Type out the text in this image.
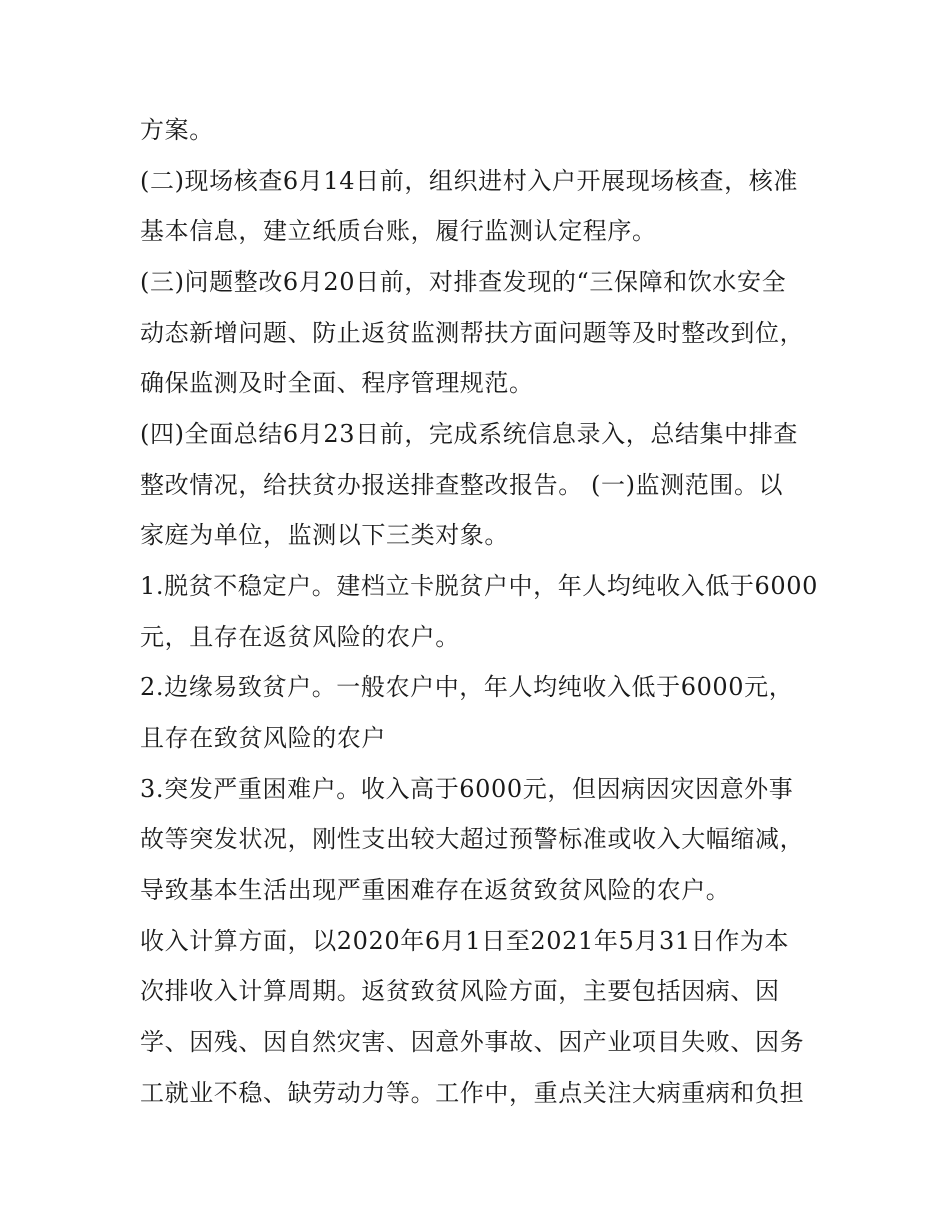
方案。
(二)现场核查6月14日前，组织进村入户开展现场核查，核准
基本信息，建立纸质台账，履行监测认定程序。
(三)问题整改6月20日前，对排查发现的“三保障和饮水安全
动态新增问题、防止返贫监测帮扶方面问题等及时整改到位，
确保监测及时全面、程序管理规范。
(四)全面总结6月23日前，完成系统信息录入，总结集中排查
整改情况，给扶贫办报送排查整改报告。 (一)监测范围。以
家庭为单位，监测以下三类对象。
1.脱贫不稳定户。建档立卡脱贫户中，年人均纯收入低于6000
元，且存在返贫风险的农户。
2.边缘易致贫户。一般农户中，年人均纯收入低于6000元，
且存在致贫风险的农户
3.突发严重困难户。收入高于6000元，但因病因灾因意外事
故等突发状况，刚性支出较大超过预警标准或收入大幅缩减，
导致基本生活出现严重困难存在返贫致贫风险的农户。
收入计算方面，以2020年6月1日至2021年5月31日作为本
次排收入计算周期。返贫致贫风险方面，主要包括因病、因
学、因残、因自然灾害、因意外事故、因产业项目失败、因务
工就业不稳、缺劳动力等。工作中，重点关注大病重病和负担
